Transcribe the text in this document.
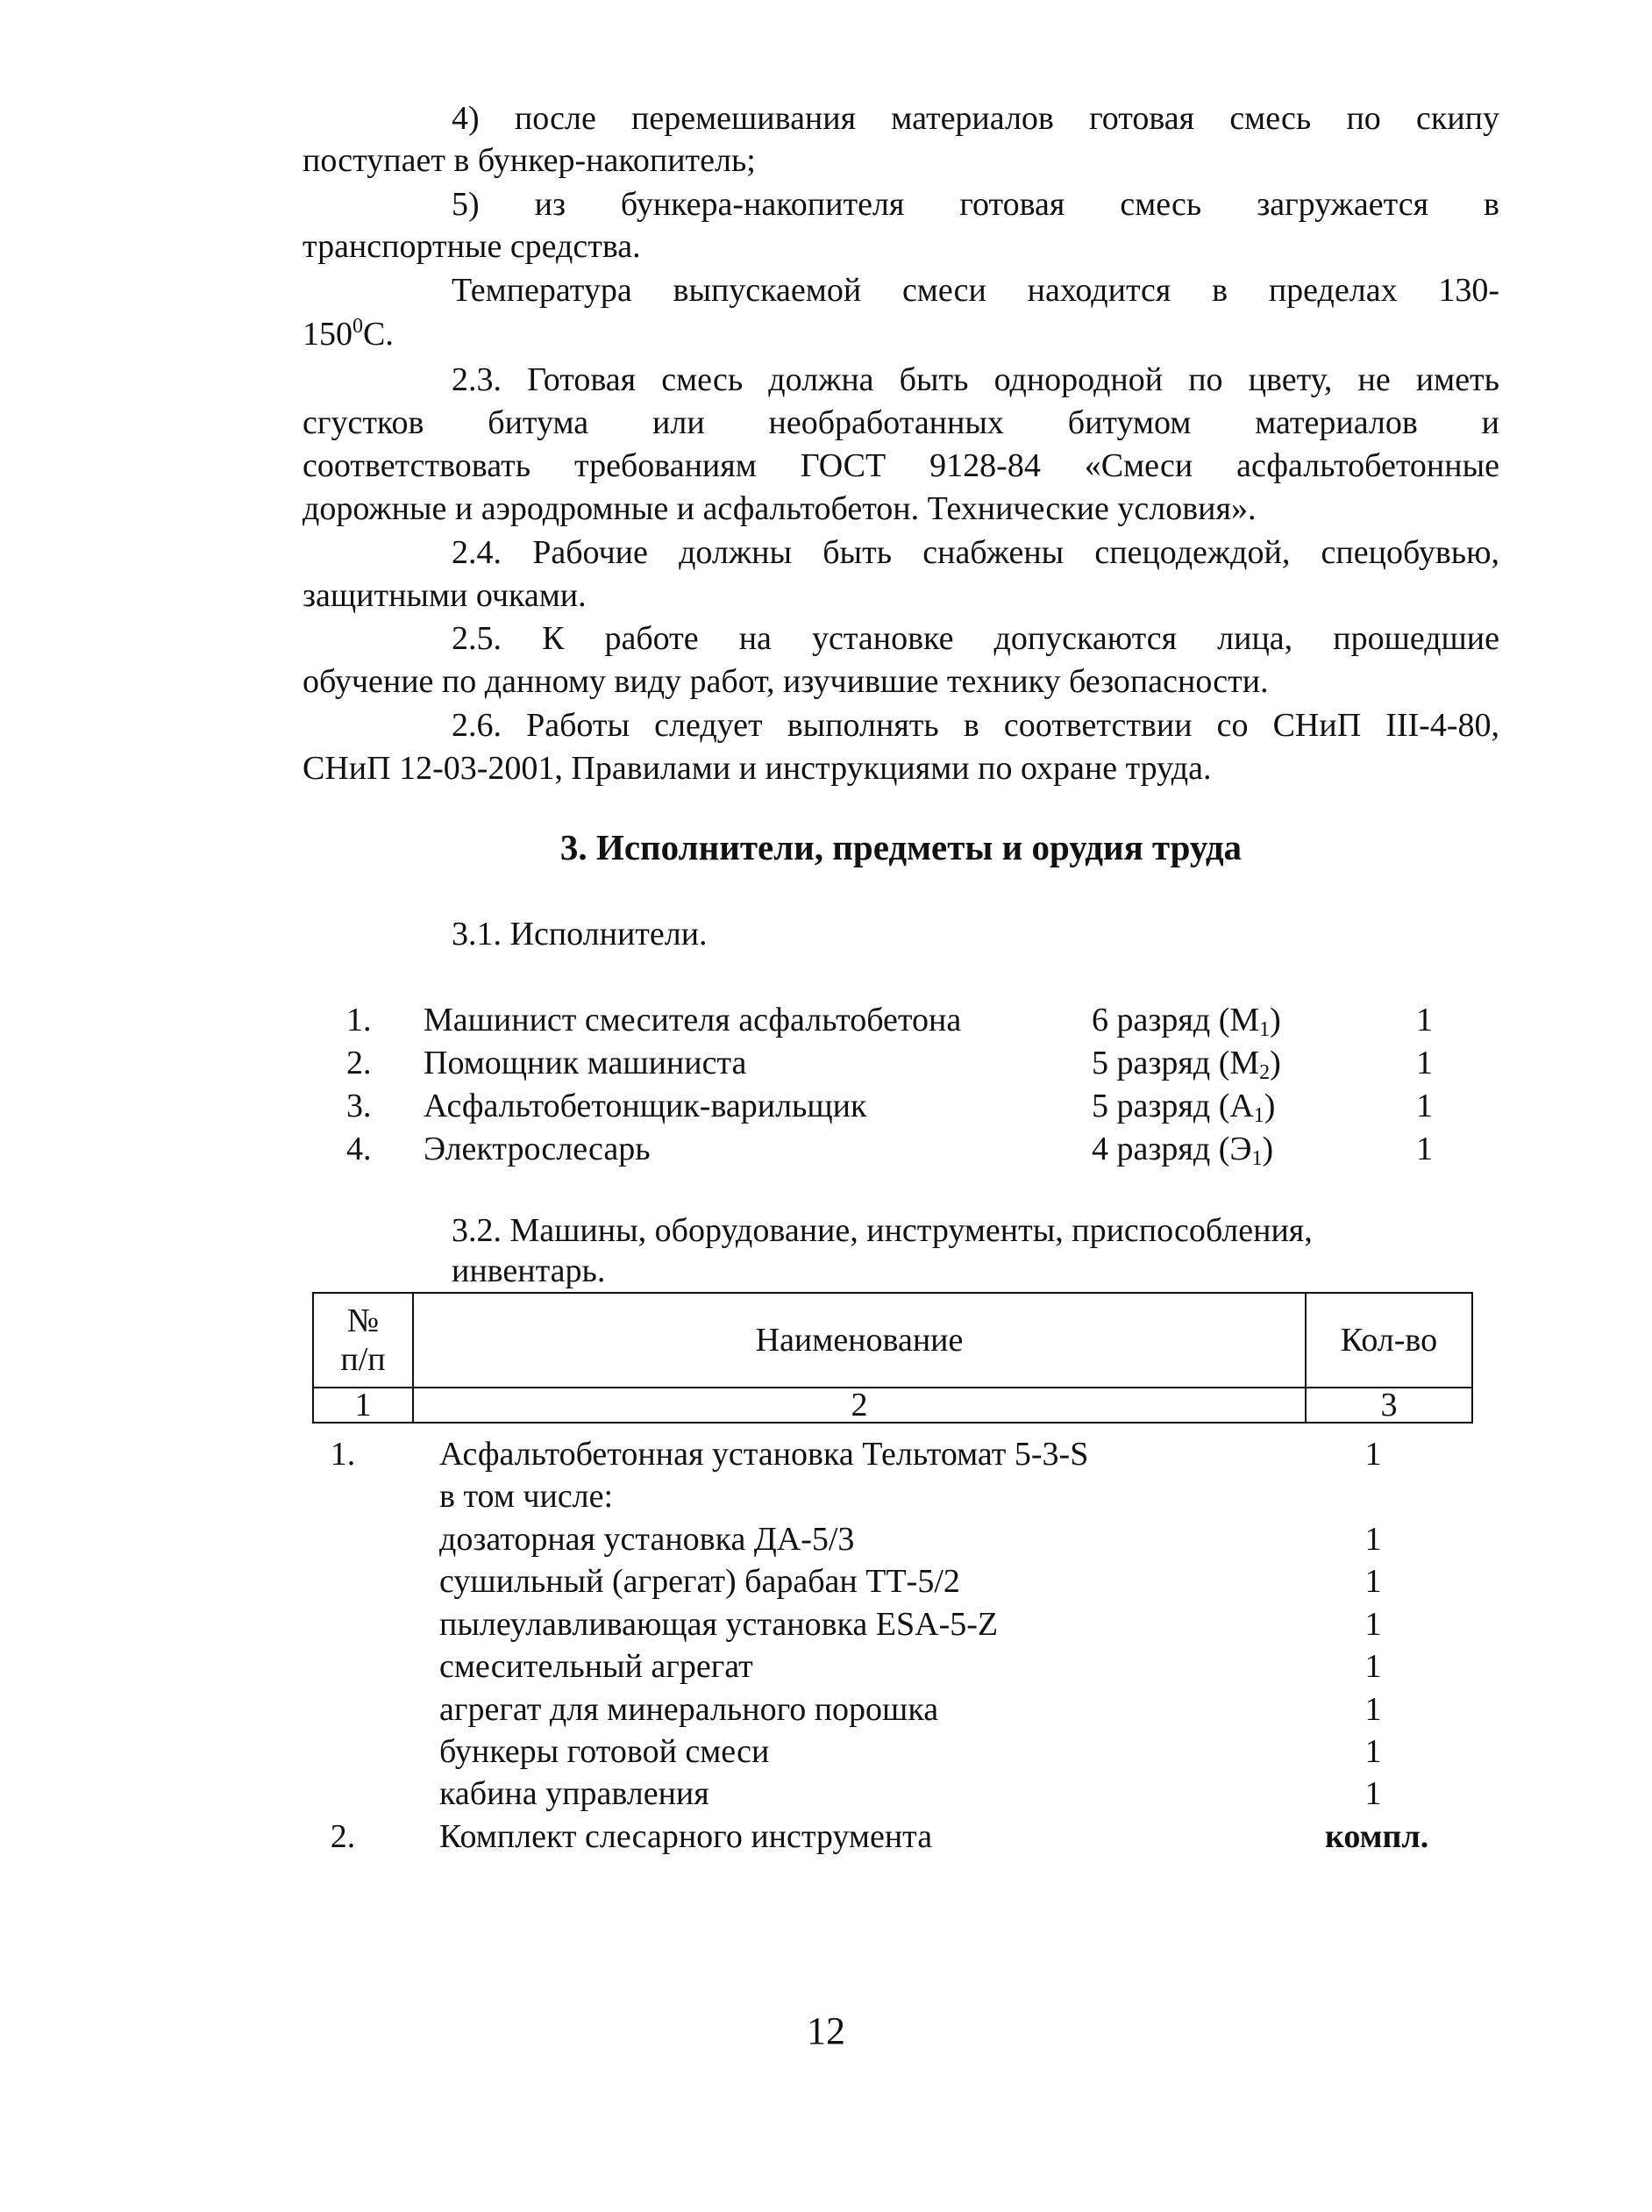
4) после перемешивания материалов готовая смесь по скипу
поступает в бункер-накопитель;
5) из бункера-накопителя готовая смесь загружается в
транспортные средства.
Температура выпускаемой смеси находится в пределах 130-
$150^0С$.
2.3. Готовая смесь должна быть однородной по цвету, не иметь
сгустков битума или необработанных битумом материалов и
соответствовать требованиям ГОСТ 9128-84 «Смеси асфальтобетонные
дорожные и аэродромные и асфальтобетон. Технические условия».
2.4. Рабочие должны быть снабжены спецодеждой, спецобувью,
защитными очками.
2.5. К работе на установке допускаются лица, прошедшие
обучение по данному виду работ, изучившие технику безопасности.
2.6. Работы следует выполнять в соответствии со СНиП III-4-80,
СНиП 12-03-2001, Правилами и инструкциями по охране труда.
3. Исполнители, предметы и орудия труда
3.1. Исполнители.
1. Машинист смесителя асфальтобетона	6 разряд $(М_1)$	1
2. Помощник машиниста	5 разряд $(М_2)$	1
3. Асфальтобетонщик-варильщик	5 разряд $(А_1)$	1
4. Электрослесарь	4 разряд $(Э_1)$	1
3.2. Машины, оборудование, инструменты, приспособления,
инвентарь.
№
п/п	Наименование	Кол-во
1	2	3
1.	Асфальтобетонная установка Тельтомат 5-3-S	1
в том числе:
дозаторная установка ДА-5/3	1
сушильный (агрегат) барабан ТТ-5/2	1
пылеулавливающая установка ESA-5-Z	1
смесительный агрегат	1
агрегат для минерального порошка	1
бункеры готовой смеси	1
кабина управления	1
2.	Комплект слесарного инструмента	компл.
12
